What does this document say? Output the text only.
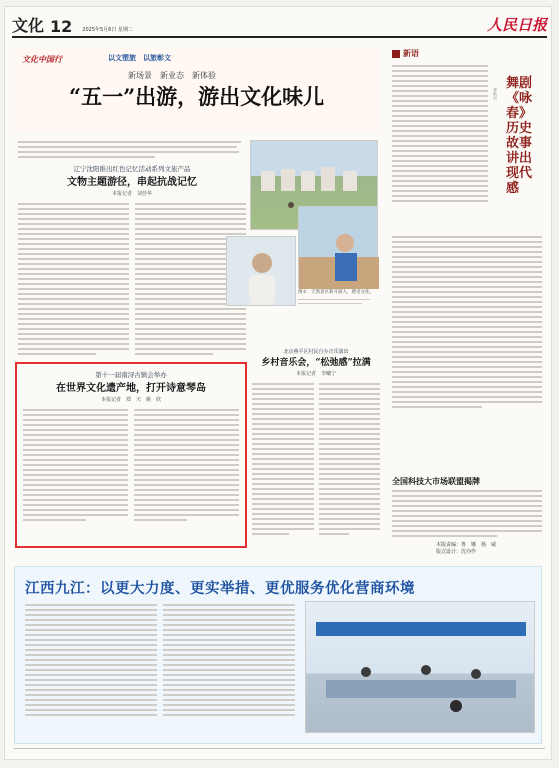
文化 12	2025年5月6日 星期二	人民日报
文化中国行	以文塑旅　以旅彰文
新场景　新业态　新体验
“五一”出游，游出文化味儿
辽宁沈阳推出红色记忆活动系列文旅产品
文物主题游径，串起抗战记忆
本报记者　刘佳华
图①：天然景区新开游人，感受文化。
第十一届南浔古镇会举办
在世界文化遗产地，打开诗意琴岛
本报记者　郑　天　姚　欣
北京燕平区村民自办音乐演出
乡村音乐会，“松弛感”拉满
本报记者　李曦宁
新语
舞剧《咏春》历史故事讲出现代感
李洪兴
全国科技大市场联盟揭牌
本版责编：鲁　娜　杨　威
版式设计：沈亦伶
江西九江：以更大力度、更实举措、更优服务优化营商环境
